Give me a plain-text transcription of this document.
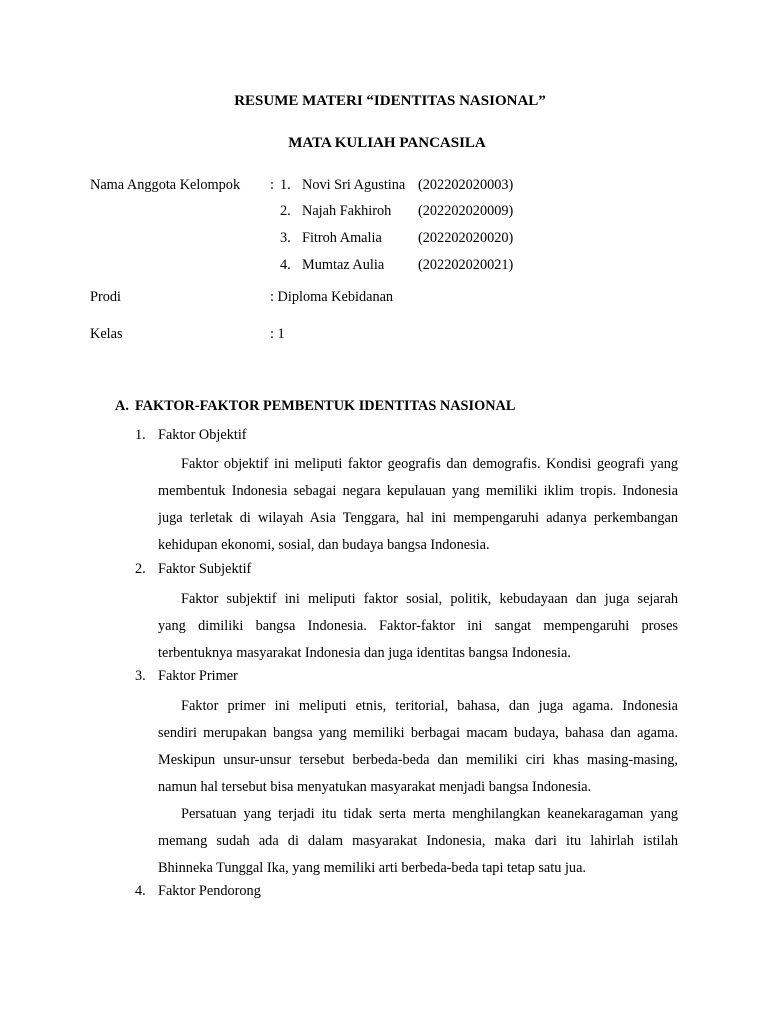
RESUME MATERI “IDENTITAS NASIONAL”
MATA KULIAH PANCASILA
Nama Anggota Kelompok : 1. Novi Sri Agustina (202202020003)
2. Najah Fakhiroh (202202020009)
3. Fitroh Amalia	(202202020020)
4. Mumtaz Aulia (202202020021)
Prodi	: Diploma Kebidanan
Kelas	: 1
A. FAKTOR-FAKTOR PEMBENTUK IDENTITAS NASIONAL
1. Faktor Objektif
Faktor objektif ini meliputi faktor geografis dan demografis. Kondisi geografi yang
membentuk Indonesia sebagai negara kepulauan yang memiliki iklim tropis. Indonesia
juga terletak di wilayah Asia Tenggara, hal ini mempengaruhi adanya perkembangan
kehidupan ekonomi, sosial, dan budaya bangsa Indonesia.
2. Faktor Subjektif
Faktor subjektif ini meliputi faktor sosial, politik, kebudayaan dan juga sejarah
yang dimiliki bangsa Indonesia. Faktor-faktor ini sangat mempengaruhi proses
terbentuknya masyarakat Indonesia dan juga identitas bangsa Indonesia.
3. Faktor Primer
Faktor primer ini meliputi etnis, teritorial, bahasa, dan juga agama. Indonesia
sendiri merupakan bangsa yang memiliki berbagai macam budaya, bahasa dan agama.
Meskipun unsur-unsur tersebut berbeda-beda dan memiliki ciri khas masing-masing,
namun hal tersebut bisa menyatukan masyarakat menjadi bangsa Indonesia.
Persatuan yang terjadi itu tidak serta merta menghilangkan keanekaragaman yang
memang sudah ada di dalam masyarakat Indonesia, maka dari itu lahirlah istilah
Bhinneka Tunggal Ika, yang memiliki arti berbeda-beda tapi tetap satu jua.
4. Faktor Pendorong
